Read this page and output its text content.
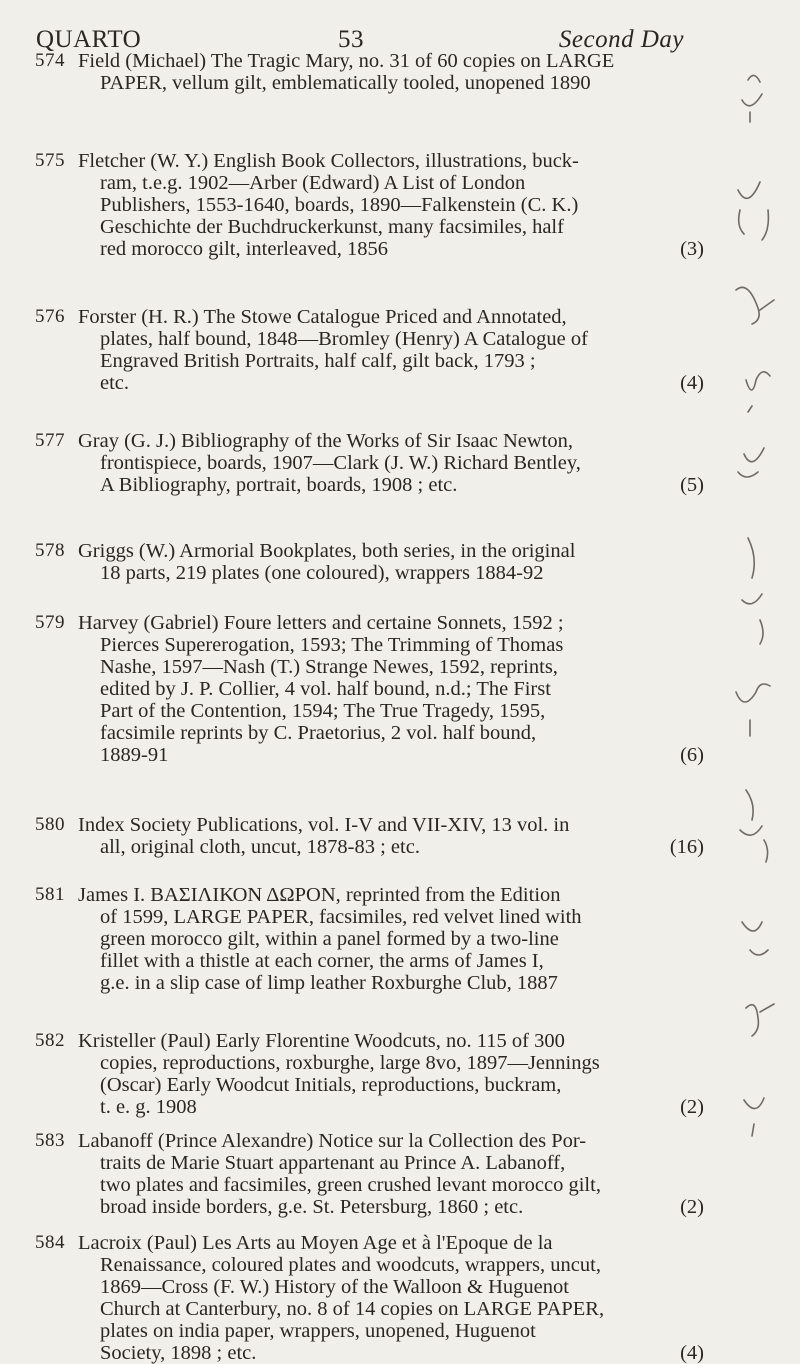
QUARTO	53	Second Day
574 Field (Michael) The Tragic Mary, no. 31 of 60 copies on LARGE
PAPER, vellum gilt, emblematically tooled, unopened 1890
575 Fletcher (W. Y.) English Book Collectors, illustrations, buck-
ram, t.e.g. 1902—Arber (Edward) A List of London
Publishers, 1553-1640, boards, 1890—Falkenstein (C. K.)
Geschichte der Buchdruckerkunst, many facsimiles, half
red morocco gilt, interleaved, 1856	(3)
576 Forster (H. R.) The Stowe Catalogue Priced and Annotated,
plates, half bound, 1848—Bromley (Henry) A Catalogue of
Engraved British Portraits, half calf, gilt back, 1793 ;
etc.	(4)
577 Gray (G. J.) Bibliography of the Works of Sir Isaac Newton,
frontispiece, boards, 1907—Clark (J. W.) Richard Bentley,
A Bibliography, portrait, boards, 1908 ; etc.	(5)
578 Griggs (W.) Armorial Bookplates, both series, in the original
18 parts, 219 plates (one coloured), wrappers 1884-92
579 Harvey (Gabriel) Foure letters and certaine Sonnets, 1592 ;
Pierces Supererogation, 1593; The Trimming of Thomas
Nashe, 1597—Nash (T.) Strange Newes, 1592, reprints,
edited by J. P. Collier, 4 vol. half bound, n.d.; The First
Part of the Contention, 1594; The True Tragedy, 1595,
facsimile reprints by C. Praetorius, 2 vol. half bound,
1889-91	(6)
580 Index Society Publications, vol. I-V and VII-XIV, 13 vol. in
all, original cloth, uncut, 1878-83 ; etc.	(16)
581 James I. ΒΑΣΙΛΙΚΟΝ ΔΩΡΟΝ, reprinted from the Edition
of 1599, LARGE PAPER, facsimiles, red velvet lined with
green morocco gilt, within a panel formed by a two-line
fillet with a thistle at each corner, the arms of James I,
g.e. in a slip case of limp leather Roxburghe Club, 1887
582 Kristeller (Paul) Early Florentine Woodcuts, no. 115 of 300
copies, reproductions, roxburghe, large 8vo, 1897—Jennings
(Oscar) Early Woodcut Initials, reproductions, buckram,
t. e. g. 1908	(2)
583 Labanoff (Prince Alexandre) Notice sur la Collection des Por-
traits de Marie Stuart appartenant au Prince A. Labanoff,
two plates and facsimiles, green crushed levant morocco gilt,
broad inside borders, g.e. St. Petersburg, 1860 ; etc.	(2)
584 Lacroix (Paul) Les Arts au Moyen Age et à l'Epoque de la
Renaissance, coloured plates and woodcuts, wrappers, uncut,
1869—Cross (F. W.) History of the Walloon & Huguenot
Church at Canterbury, no. 8 of 14 copies on LARGE PAPER,
plates on india paper, wrappers, unopened, Huguenot
Society, 1898 ; etc.	(4)
